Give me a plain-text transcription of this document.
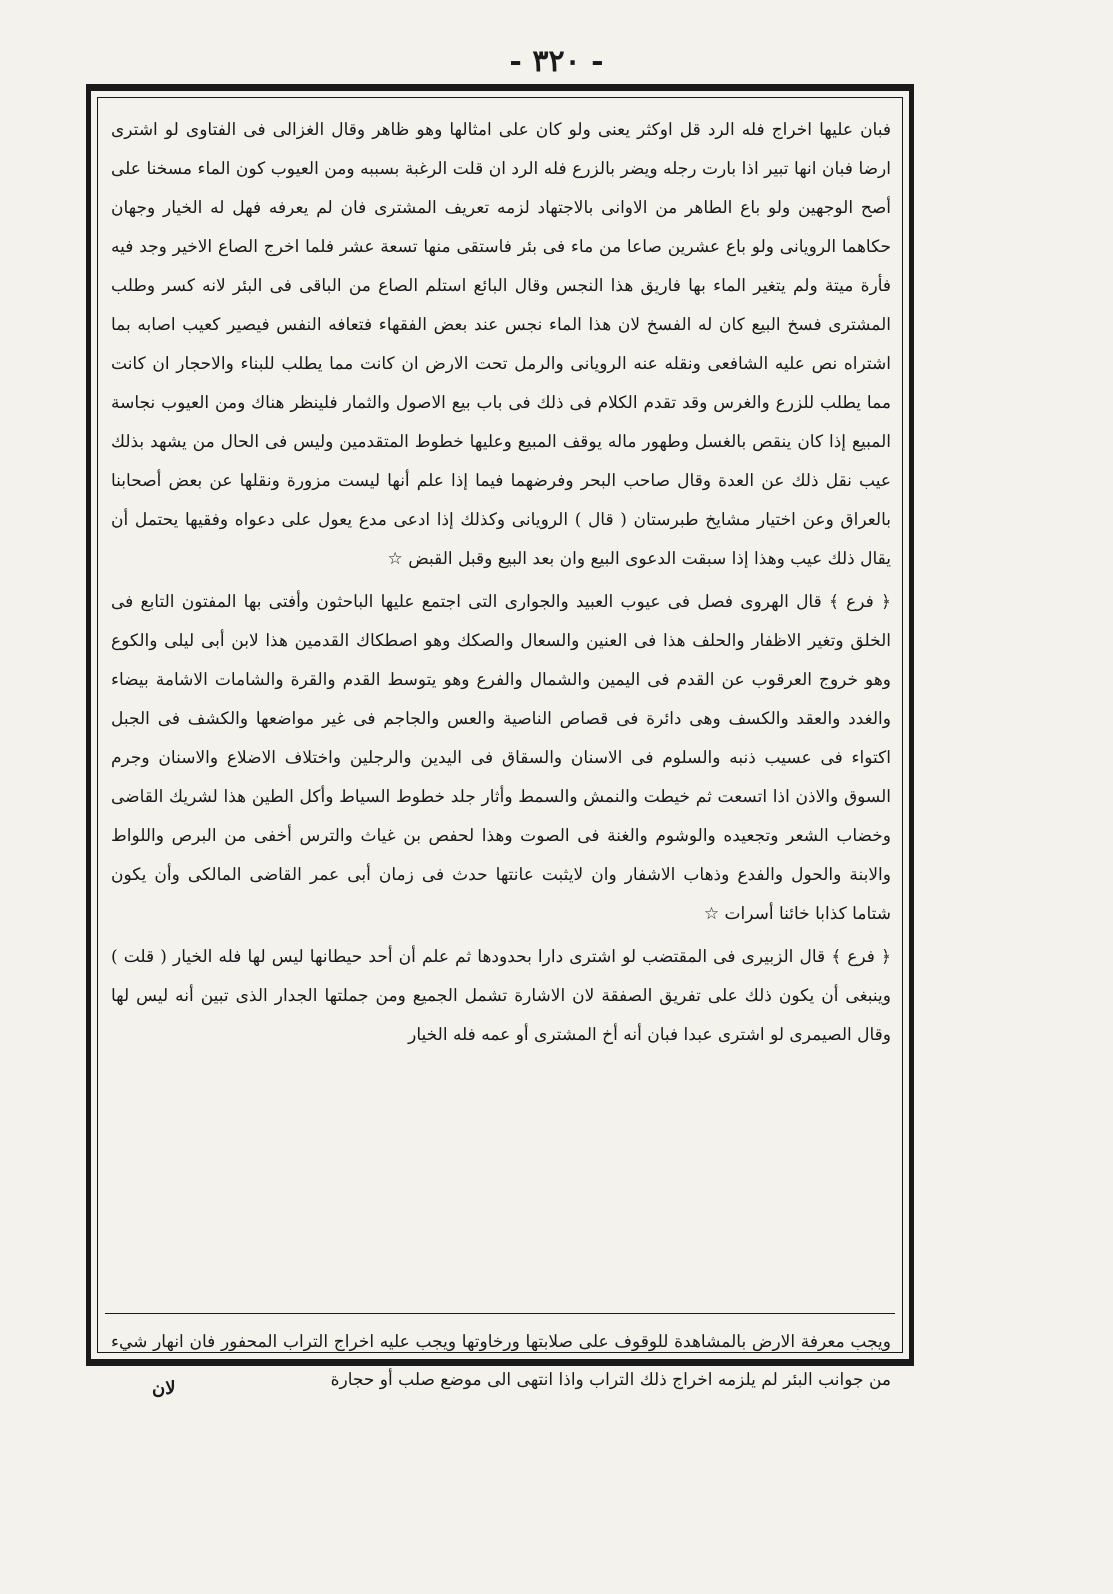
- ٣٢٠ -

فبان عليها اخراج فله الرد قل اوكثر يعنى ولو كان على امثالها وهو ظاهر وقال الغزالى فى الفتاوى لو اشترى ارضا فبان انها تبير اذا بارت رجله ويضر بالزرع فله الرد ان قلت الرغبة بسببه ومن العيوب كون الماء مسخنا على أصح الوجهين ولو باع الطاهر من الاوانى بالاجتهاد لزمه تعريف المشترى فان لم يعرفه فهل له الخيار وجهان حكاهما الرويانى ولو باع عشرين صاعا من ماء فى بئر فاستقى منها تسعة عشر فلما اخرج الصاع الاخير وجد فيه فأرة ميتة ولم يتغير الماء بها فاريق هذا النجس وقال البائع استلم الصاع من الباقى فى البئر لانه كسر وطلب المشترى فسخ البيع كان له الفسخ لان هذا الماء نجس عند بعض الفقهاء فتعافه النفس فيصير كعيب اصابه بما اشتراه نص عليه الشافعى ونقله عنه الرويانى والرمل تحت الارض ان كانت مما يطلب للبناء والاحجار ان كانت مما يطلب للزرع والغرس وقد تقدم الكلام فى ذلك فى باب بيع الاصول والثمار فلينظر هناك ومن العيوب نجاسة المبيع إذا كان ينقص بالغسل وطهور ماله يوقف المبيع وعليها خطوط المتقدمين وليس فى الحال من يشهد بذلك عيب نقل ذلك عن العدة وقال صاحب البحر وفرضهما فيما إذا علم أنها ليست مزورة ونقلها عن بعض أصحابنا بالعراق وعن اختيار مشايخ طبرستان ( قال ) الرويانى وكذلك إذا ادعى مدع يعول على دعواه وفقيها يحتمل أن يقال ذلك عيب وهذا إذا سبقت الدعوى البيع وان بعد البيع وقبل القبض ☆

﴿ فرع ﴾ قال الهروى فصل فى عيوب العبيد والجوارى التى اجتمع عليها الباحثون وأفتى بها المفتون التابع فى الخلق وتغير الاظفار والحلف هذا فى العنين والسعال والصكك وهو اصطكاك القدمين هذا لابن أبى ليلى والكوع وهو خروج العرقوب عن القدم فى اليمين والشمال والفرع وهو يتوسط القدم والقرة والشامات الاشامة بيضاء والغدد والعقد والكسف وهى دائرة فى قصاص الناصية والعس والجاجم فى غير مواضعها والكشف فى الجبل اكتواء فى عسيب ذنبه والسلوم فى الاسنان والسقاق فى اليدين والرجلين واختلاف الاضلاع والاسنان وجرم السوق والاذن اذا اتسعت ثم خيطت والنمش والسمط وأثار جلد خطوط السياط وأكل الطين هذا لشريك القاضى وخضاب الشعر وتجعيده والوشوم والغنة فى الصوت وهذا لحفص بن غياث والترس أخفى من البرص واللواط والابنة والحول والفدع وذهاب الاشفار وان لايثبت عانتها حدث فى زمان أبى عمر القاضى المالكى وأن يكون شتاما كذابا خائنا أسرات ☆

﴿ فرع ﴾ قال الزبيرى فى المقتضب لو اشترى دارا بحدودها ثم علم أن أحد حيطانها ليس لها فله الخيار ( قلت ) وينبغى أن يكون ذلك على تفريق الصفقة لان الاشارة تشمل الجميع ومن جملتها الجدار الذى تبين أنه ليس لها وقال الصيمرى لو اشترى عبدا فبان أنه أخ المشترى أو عمه فله الخيار

ويجب معرفة الارض بالمشاهدة للوقوف على صلابتها ورخاوتها ويجب عليه اخراج التراب المحفور فان انهار شيء من جوانب البئر لم يلزمه اخراج ذلك التراب واذا انتهى الى موضع صلب أو حجارة
لان
